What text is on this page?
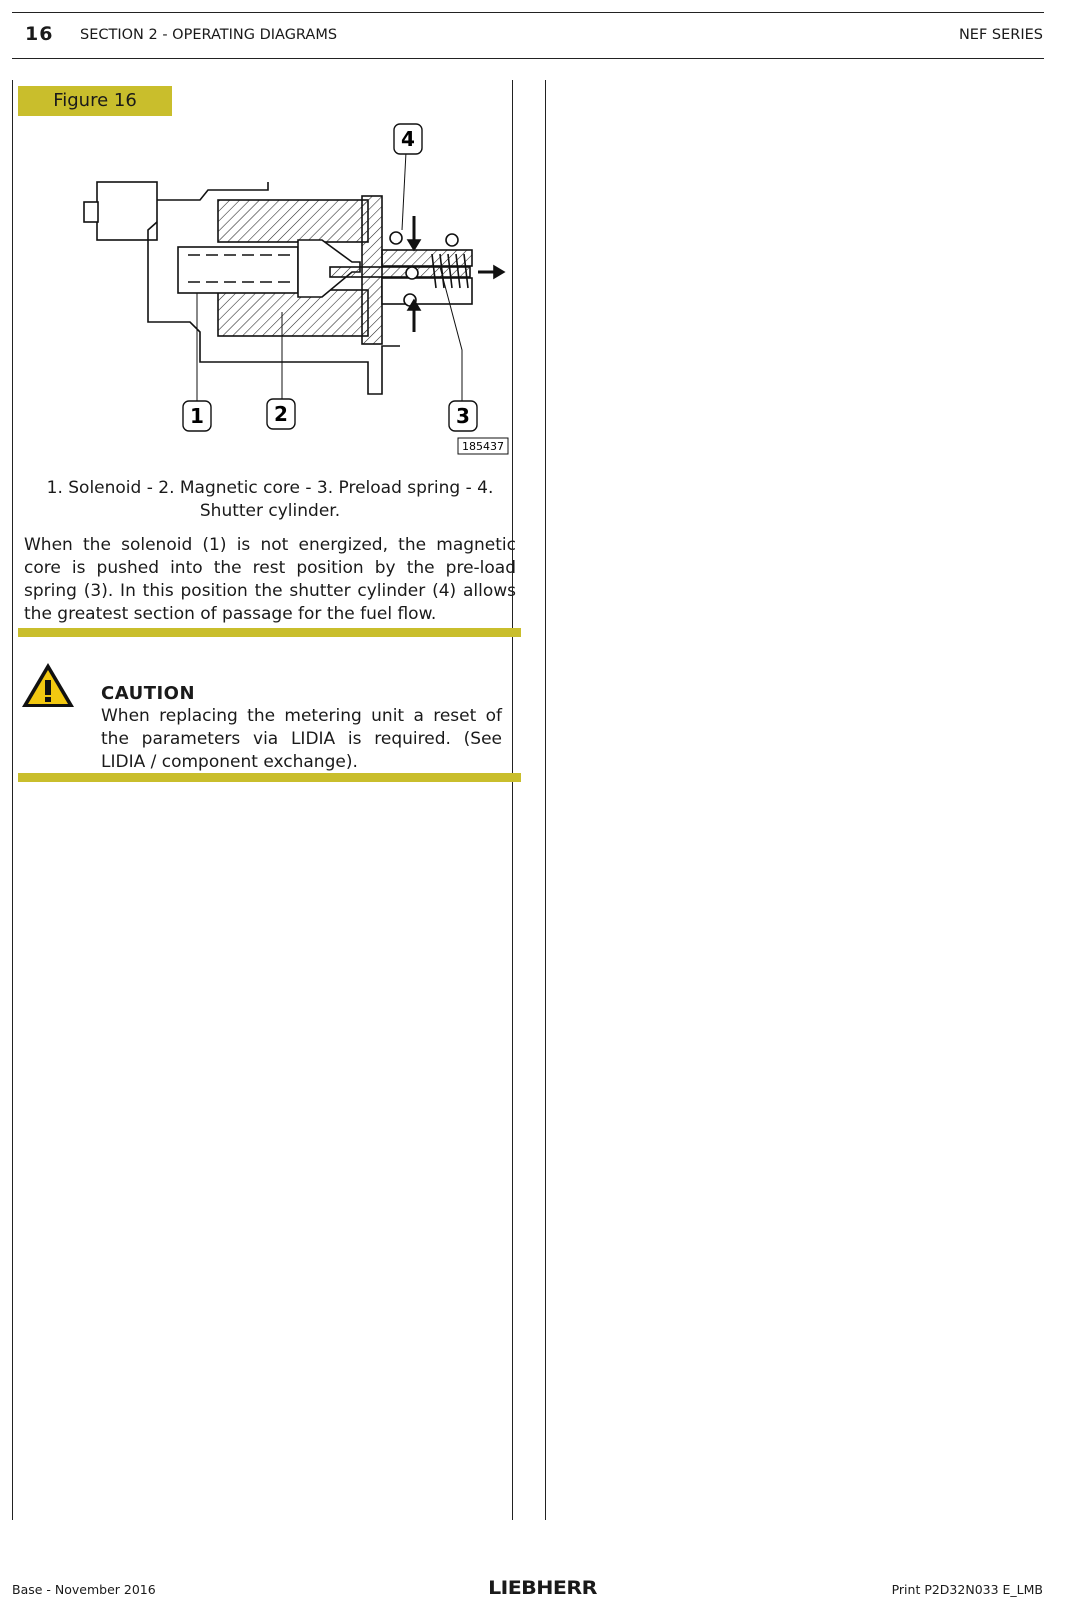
16 SECTION 2 - OPERATING DIAGRAMS	NEF SERIES
Figure 16
4
1	2	3
185437
1. Solenoid - 2. Magnetic core - 3. Preload spring - 4. Shutter cylinder.
When the solenoid (1) is not energized, the magnetic core is pushed into the rest position by the pre-load spring (3). In this position the shutter cylinder (4) allows the greatest section of passage for the fuel flow.
CAUTION
When replacing the metering unit a reset of the parameters via LIDIA is required. (See LIDIA / component exchange).
Base - November 2016	LIEBHERR	Print P2D32N033 E_LMB
